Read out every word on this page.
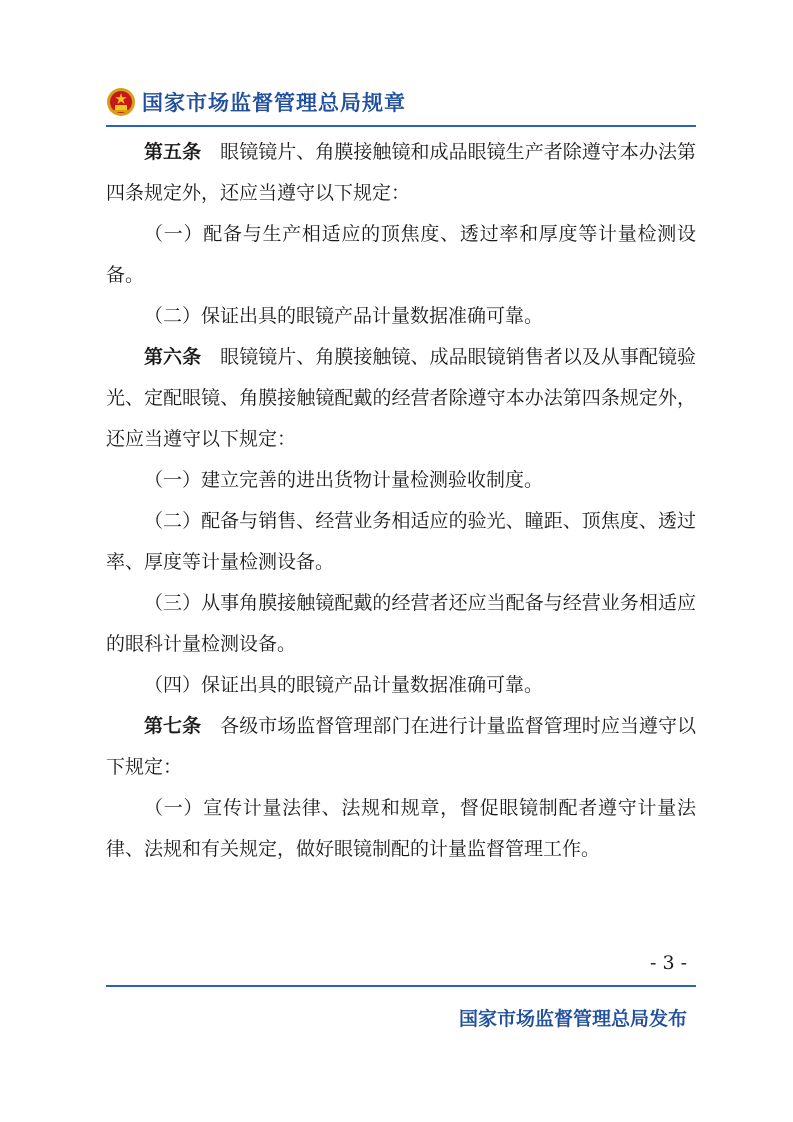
国家市场监督管理总局规章

第五条　 眼镜镜片、角膜接触镜和成品眼镜生产者除遵守本办法第四条规定外，还应当遵守以下规定：

（一）配备与生产相适应的顶焦度、透过率和厚度等计量检测设备。

（二）保证出具的眼镜产品计量数据准确可靠。

第六条　 眼镜镜片、角膜接触镜、成品眼镜销售者以及从事配镜验光、定配眼镜、角膜接触镜配戴的经营者除遵守本办法第四条规定外，还应当遵守以下规定：

（一）建立完善的进出货物计量检测验收制度。

（二）配备与销售、经营业务相适应的验光、瞳距、顶焦度、透过率、厚度等计量检测设备。

（三）从事角膜接触镜配戴的经营者还应当配备与经营业务相适应的眼科计量检测设备。

（四）保证出具的眼镜产品计量数据准确可靠。

第七条　 各级市场监督管理部门在进行计量监督管理时应当遵守以下规定：

（一）宣传计量法律、法规和规章，督促眼镜制配者遵守计量法律、法规和有关规定，做好眼镜制配的计量监督管理工作。

- 3 -
国家市场监督管理总局发布
